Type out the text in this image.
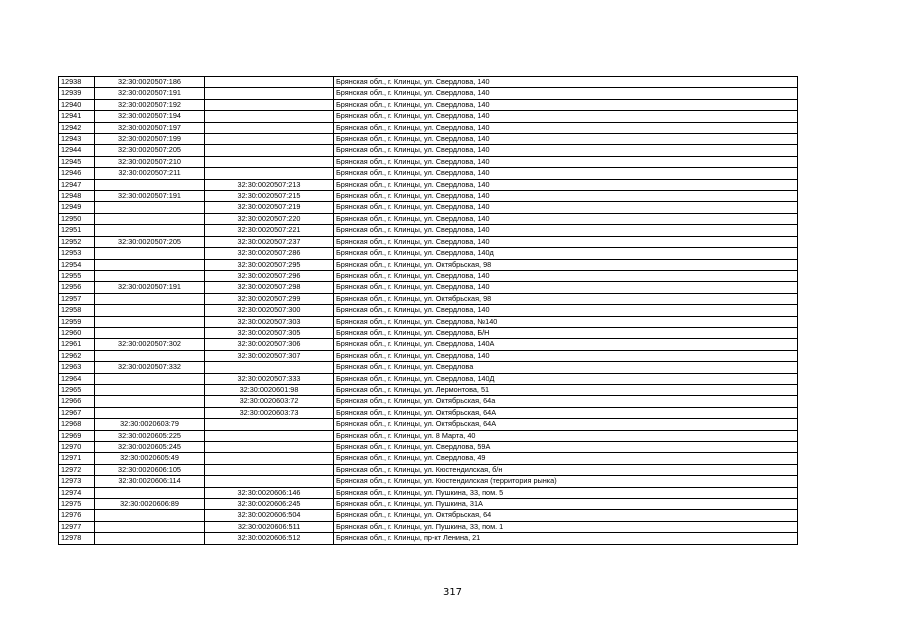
12938	32:30:0020507:186		Брянская обл., г. Клинцы, ул. Свердлова, 140
12939	32:30:0020507:191		Брянская обл., г. Клинцы, ул. Свердлова, 140
12940	32:30:0020507:192		Брянская обл., г. Клинцы, ул. Свердлова, 140
12941	32:30:0020507:194		Брянская обл., г. Клинцы, ул. Свердлова, 140
12942	32:30:0020507:197		Брянская обл., г. Клинцы, ул. Свердлова, 140
12943	32:30:0020507:199		Брянская обл., г. Клинцы, ул. Свердлова, 140
12944	32:30:0020507:205		Брянская обл., г. Клинцы, ул. Свердлова, 140
12945	32:30:0020507:210		Брянская обл., г. Клинцы, ул. Свердлова, 140
12946	32:30:0020507:211		Брянская обл., г. Клинцы, ул. Свердлова, 140
12947		32:30:0020507:213	Брянская обл., г. Клинцы, ул. Свердлова, 140
12948	32:30:0020507:191	32:30:0020507:215	Брянская обл., г. Клинцы, ул. Свердлова, 140
12949		32:30:0020507:219	Брянская обл., г. Клинцы, ул. Свердлова, 140
12950		32:30:0020507:220	Брянская обл., г. Клинцы, ул. Свердлова, 140
12951		32:30:0020507:221	Брянская обл., г. Клинцы, ул. Свердлова, 140
12952	32:30:0020507:205	32:30:0020507:237	Брянская обл., г. Клинцы, ул. Свердлова, 140
12953		32:30:0020507:286	Брянская обл., г. Клинцы, ул. Свердлова, 140д
12954		32:30:0020507:295	Брянская обл., г. Клинцы, ул. Октябрьская, 98
12955		32:30:0020507:296	Брянская обл., г. Клинцы, ул. Свердлова, 140
12956	32:30:0020507:191	32:30:0020507:298	Брянская обл., г. Клинцы, ул. Свердлова, 140
12957		32:30:0020507:299	Брянская обл., г. Клинцы, ул. Октябрьская, 98
12958		32:30:0020507:300	Брянская обл., г. Клинцы, ул. Свердлова, 140
12959		32:30:0020507:303	Брянская обл., г. Клинцы, ул. Свердлова, №140
12960		32:30:0020507:305	Брянская обл., г. Клинцы, ул. Свердлова, Б/Н
12961	32:30:0020507:302	32:30:0020507:306	Брянская обл., г. Клинцы, ул. Свердлова, 140А
12962		32:30:0020507:307	Брянская обл., г. Клинцы, ул. Свердлова, 140
12963	32:30:0020507:332		Брянская обл., г. Клинцы, ул. Свердлова
12964		32:30:0020507:333	Брянская обл., г. Клинцы, ул. Свердлова, 140Д
12965		32:30:0020601:98	Брянская обл., г. Клинцы, ул. Лермонтова, 51
12966		32:30:0020603:72	Брянская обл., г. Клинцы, ул. Октябрьская, 64а
12967		32:30:0020603:73	Брянская обл., г. Клинцы, ул. Октябрьская, 64А
12968	32:30:0020603:79		Брянская обл., г. Клинцы, ул. Октябрьская, 64А
12969	32:30:0020605:225		Брянская обл., г. Клинцы, ул. 8 Марта, 40
12970	32:30:0020605:245		Брянская обл., г. Клинцы, ул. Свердлова, 59А
12971	32:30:0020605:49		Брянская обл., г. Клинцы, ул. Свердлова, 49
12972	32:30:0020606:105		Брянская обл., г. Клинцы, ул. Кюстендилская, б/н
12973	32:30:0020606:114		Брянская обл., г. Клинцы, ул. Кюстендилская (территория рынка)
12974		32:30:0020606:146	Брянская обл., г. Клинцы, ул. Пушкина, 33, пом. 5
12975	32:30:0020606:89	32:30:0020606:245	Брянская обл., г. Клинцы, ул. Пушкина, 31А
12976		32:30:0020606:504	Брянская обл., г. Клинцы, ул. Октябрьская, 64
12977		32:30:0020606:511	Брянская обл., г. Клинцы, ул. Пушкина, 33, пом. 1
12978		32:30:0020606:512	Брянская обл., г. Клинцы, пр-кт Ленина, 21
317
